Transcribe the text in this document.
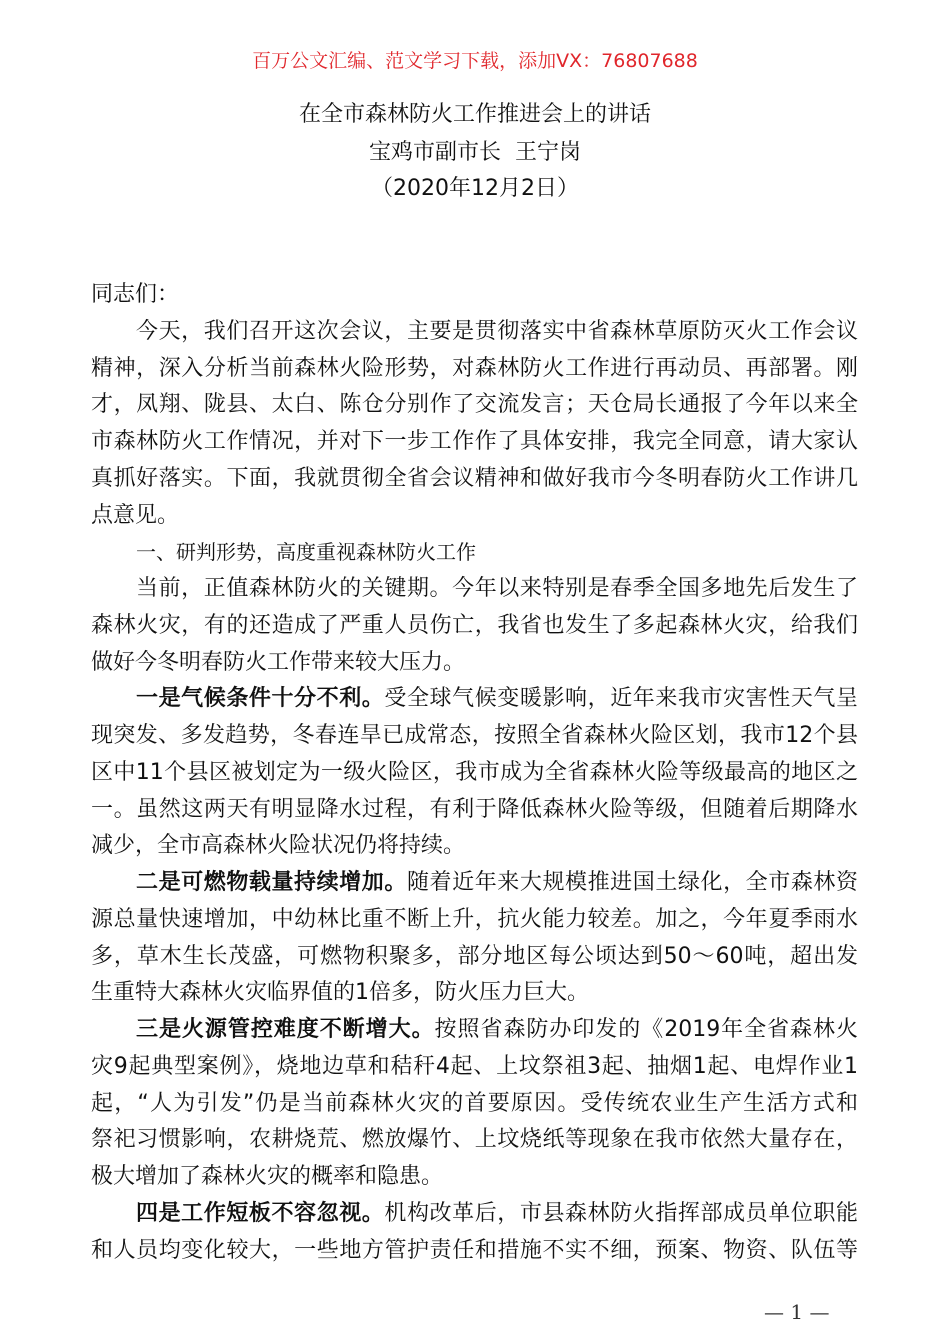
百万公文汇编、范文学习下载，添加VX：76807688
在全市森林防火工作推进会上的讲话
宝鸡市副市长  王宁岗
（2020年12月2日）
同志们：
今天，我们召开这次会议，主要是贯彻落实中省森林草原防灭火工作会议
精神，深入分析当前森林火险形势，对森林防火工作进行再动员、再部署。刚
才，凤翔、陇县、太白、陈仓分别作了交流发言；天仓局长通报了今年以来全
市森林防火工作情况，并对下一步工作作了具体安排，我完全同意，请大家认
真抓好落实。下面，我就贯彻全省会议精神和做好我市今冬明春防火工作讲几
点意见。
一、研判形势，高度重视森林防火工作
当前，正值森林防火的关键期。今年以来特别是春季全国多地先后发生了
森林火灾，有的还造成了严重人员伤亡，我省也发生了多起森林火灾，给我们
做好今冬明春防火工作带来较大压力。
一是气候条件十分不利。受全球气候变暖影响，近年来我市灾害性天气呈
现突发、多发趋势，冬春连旱已成常态，按照全省森林火险区划，我市12个县
区中11个县区被划定为一级火险区，我市成为全省森林火险等级最高的地区之
一。虽然这两天有明显降水过程，有利于降低森林火险等级，但随着后期降水
减少，全市高森林火险状况仍将持续。
二是可燃物载量持续增加。随着近年来大规模推进国土绿化，全市森林资
源总量快速增加，中幼林比重不断上升，抗火能力较差。加之，今年夏季雨水
多，草木生长茂盛，可燃物积聚多，部分地区每公顷达到50～60吨，超出发
生重特大森林火灾临界值的1倍多，防火压力巨大。
三是火源管控难度不断增大。按照省森防办印发的《2019年全省森林火
灾9起典型案例》，烧地边草和秸秆4起、上坟祭祖3起、抽烟1起、电焊作业1
起，“人为引发”仍是当前森林火灾的首要原因。受传统农业生产生活方式和
祭祀习惯影响，农耕烧荒、燃放爆竹、上坟烧纸等现象在我市依然大量存在，
极大增加了森林火灾的概率和隐患。
四是工作短板不容忽视。机构改革后，市县森林防火指挥部成员单位职能
和人员均变化较大，一些地方管护责任和措施不实不细，预案、物资、队伍等
— 1 —
